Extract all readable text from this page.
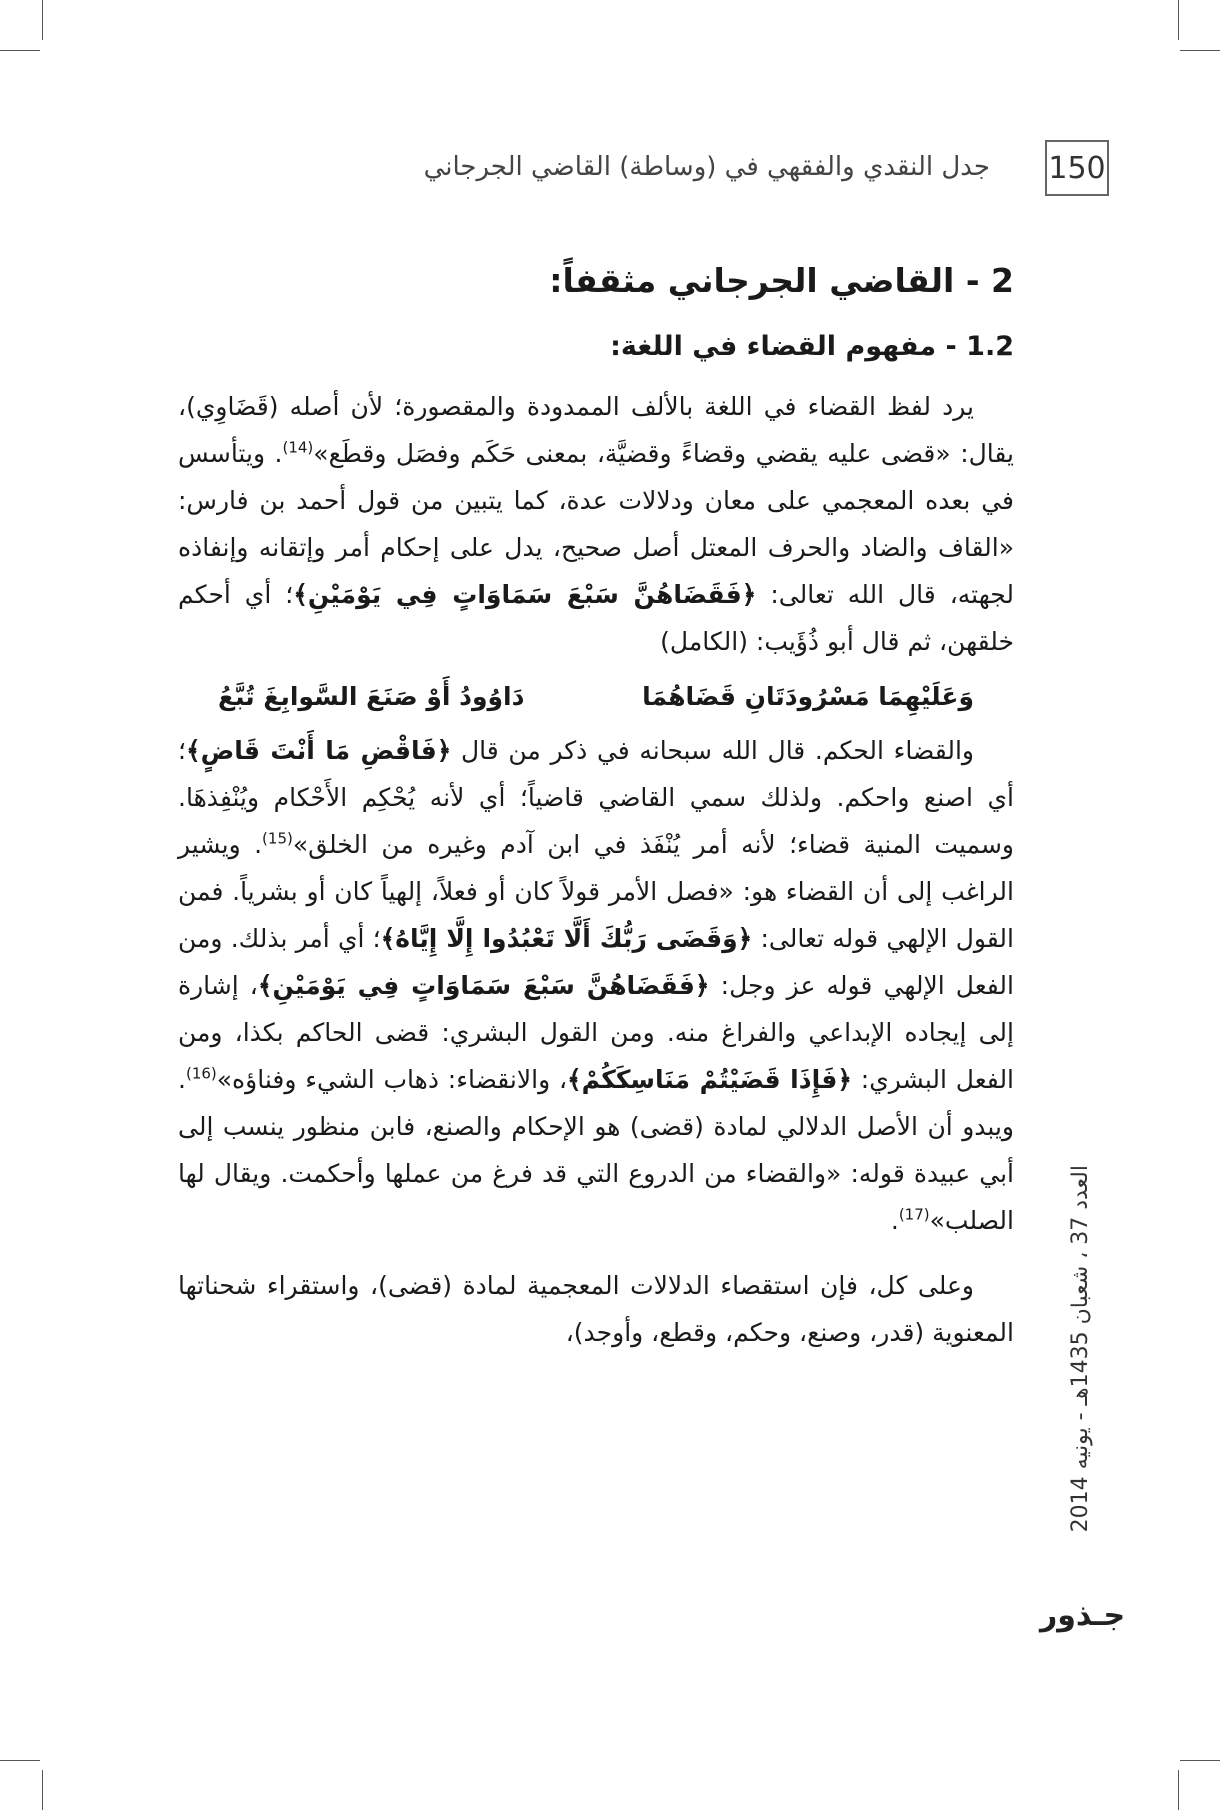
150
جدل النقدي والفقهي في (وساطة) القاضي الجرجاني
2 - القاضي الجرجاني مثقفاً:
1.2 - مفهوم القضاء في اللغة:

يرد لفظ القضاء في اللغة بالألف الممدودة والمقصورة؛ لأن أصله (قَضَاوِي)، يقال: «قضى عليه يقضي وقضاءً وقضيَّة، بمعنى حَكَم وفصَل وقطَع»$^{(14)}$. ويتأسس في بعده المعجمي على معان ودلالات عدة، كما يتبين من قول أحمد بن فارس: «القاف والضاد والحرف المعتل أصل صحيح، يدل على إحكام أمر وإتقانه وإنفاذه لجهته، قال الله تعالى: ﴿فَقَضَاهُنَّ سَبْعَ سَمَاوَاتٍ فِي يَوْمَيْنِ﴾؛ أي أحكم خلقهن، ثم قال أبو ذُؤَيب: (الكامل)

وَعَلَيْهِمَا مَسْرُودَتَانِ قَضَاهُمَا
دَاوُودُ أَوْ صَنَعَ السَّوابِغَ تُبَّعُ

والقضاء الحكم. قال الله سبحانه في ذكر من قال ﴿فَاقْضِ مَا أَنْتَ قَاضٍ﴾؛ أي اصنع واحكم. ولذلك سمي القاضي قاضياً؛ أي لأنه يُحْكِم الأَحْكام ويُنْفِذهَا. وسميت المنية قضاء؛ لأنه أمر يُنْفَذ في ابن آدم وغيره من الخلق»$^{(15)}$. ويشير الراغب إلى أن القضاء هو: «فصل الأمر قولاً كان أو فعلاً، إلهياً كان أو بشرياً. فمن القول الإلهي قوله تعالى: ﴿وَقَضَى رَبُّكَ أَلَّا تَعْبُدُوا إِلَّا إِيَّاهُ﴾؛ أي أمر بذلك. ومن الفعل الإلهي قوله عز وجل: ﴿فَقَضَاهُنَّ سَبْعَ سَمَاوَاتٍ فِي يَوْمَيْنِ﴾، إشارة إلى إيجاده الإبداعي والفراغ منه. ومن القول البشري: قضى الحاكم بكذا، ومن الفعل البشري: ﴿فَإِذَا قَضَيْتُمْ مَنَاسِكَكُمْ﴾، والانقضاء: ذهاب الشيء وفناؤه»$^{(16)}$. ويبدو أن الأصل الدلالي لمادة (قضى) هو الإحكام والصنع، فابن منظور ينسب إلى أبي عبيدة قوله: «والقضاء من الدروع التي قد فرغ من عملها وأحكمت. ويقال لها الصلب»$^{(17)}$.

وعلى كل، فإن استقصاء الدلالات المعجمية لمادة (قضى)، واستقراء شحناتها المعنوية (قدر، وصنع، وحكم، وقطع، وأوجد)،

العدد 37 ، شعبان 1435هـ - يونيه 2014
جـذور
